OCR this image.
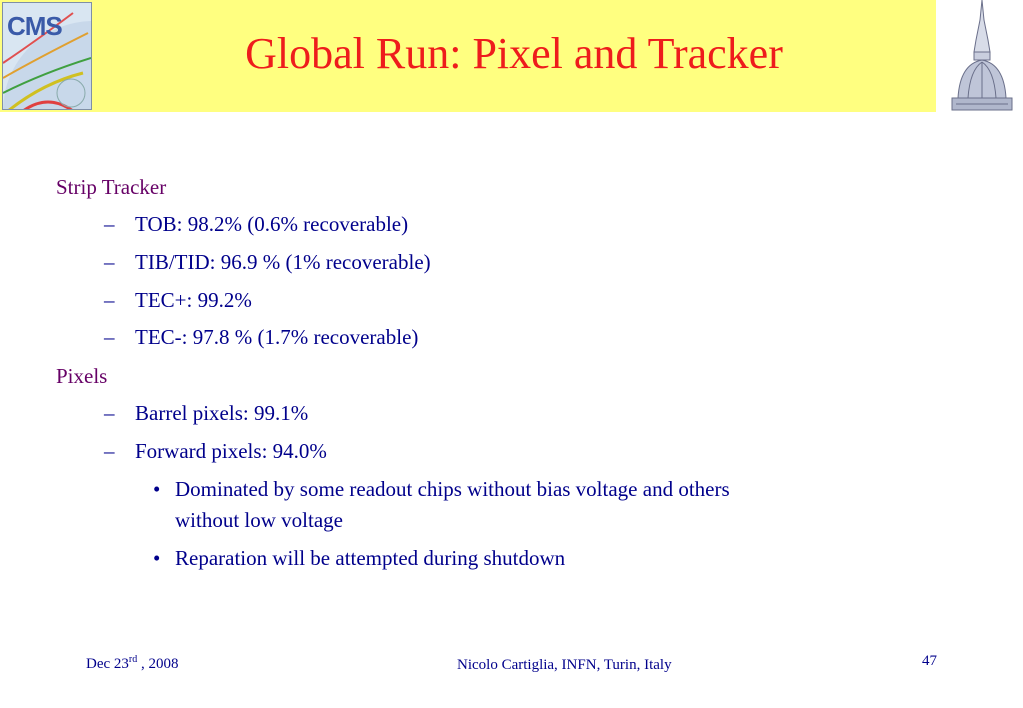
CMS
Global Run: Pixel and Tracker
Strip Tracker
– TOB: 98.2% (0.6% recoverable)
– TIB/TID: 96.9 % (1% recoverable)
– TEC+: 99.2%
– TEC-: 97.8 % (1.7% recoverable)
Pixels
– Barrel pixels: 99.1%
– Forward pixels: 94.0%
• Dominated by some readout chips without bias voltage and others
without low voltage
• Reparation will be attempted during shutdown
Dec 23rd , 2008	Nicolo Cartiglia, INFN, Turin, Italy	47
